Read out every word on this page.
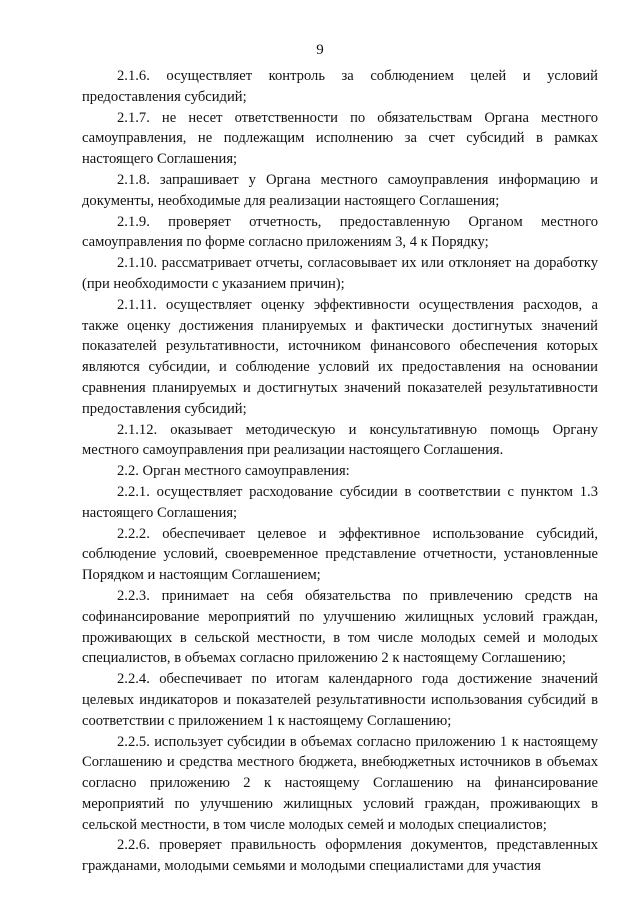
9

2.1.6. осуществляет контроль за соблюдением целей и условий предоставления субсидий;

2.1.7. не несет ответственности по обязательствам Органа местного самоуправления, не подлежащим исполнению за счет субсидий в рамках настоящего Соглашения;

2.1.8. запрашивает у Органа местного самоуправления информацию и документы, необходимые для реализации настоящего Соглашения;

2.1.9. проверяет отчетность, предоставленную Органом местного самоуправления по форме согласно приложениям 3, 4 к Порядку;

2.1.10. рассматривает отчеты, согласовывает их или отклоняет на доработку (при необходимости с указанием причин);

2.1.11. осуществляет оценку эффективности осуществления расходов, а также оценку достижения планируемых и фактически достигнутых значений показателей результативности, источником финансового обеспечения которых являются субсидии, и соблюдение условий их предоставления на основании сравнения планируемых и достигнутых значений показателей результативности предоставления субсидий;

2.1.12. оказывает методическую и консультативную помощь Органу местного самоуправления при реализации настоящего Соглашения.

2.2. Орган местного самоуправления:

2.2.1. осуществляет расходование субсидии в соответствии с пунктом 1.3 настоящего Соглашения;

2.2.2. обеспечивает целевое и эффективное использование субсидий, соблюдение условий, своевременное представление отчетности, установленные Порядком и настоящим Соглашением;

2.2.3. принимает на себя обязательства по привлечению средств на софинансирование мероприятий по улучшению жилищных условий граждан, проживающих в сельской местности, в том числе молодых семей и молодых специалистов, в объемах согласно приложению 2 к настоящему Соглашению;

2.2.4. обеспечивает по итогам календарного года достижение значений целевых индикаторов и показателей результативности использования субсидий в соответствии с приложением 1 к настоящему Соглашению;

2.2.5. использует субсидии в объемах согласно приложению 1 к настоящему Соглашению и средства местного бюджета, внебюджетных источников в объемах согласно приложению 2 к настоящему Соглашению на финансирование мероприятий по улучшению жилищных условий граждан, проживающих в сельской местности, в том числе молодых семей и молодых специалистов;

2.2.6. проверяет правильность оформления документов, представленных гражданами, молодыми семьями и молодыми специалистами для участия
